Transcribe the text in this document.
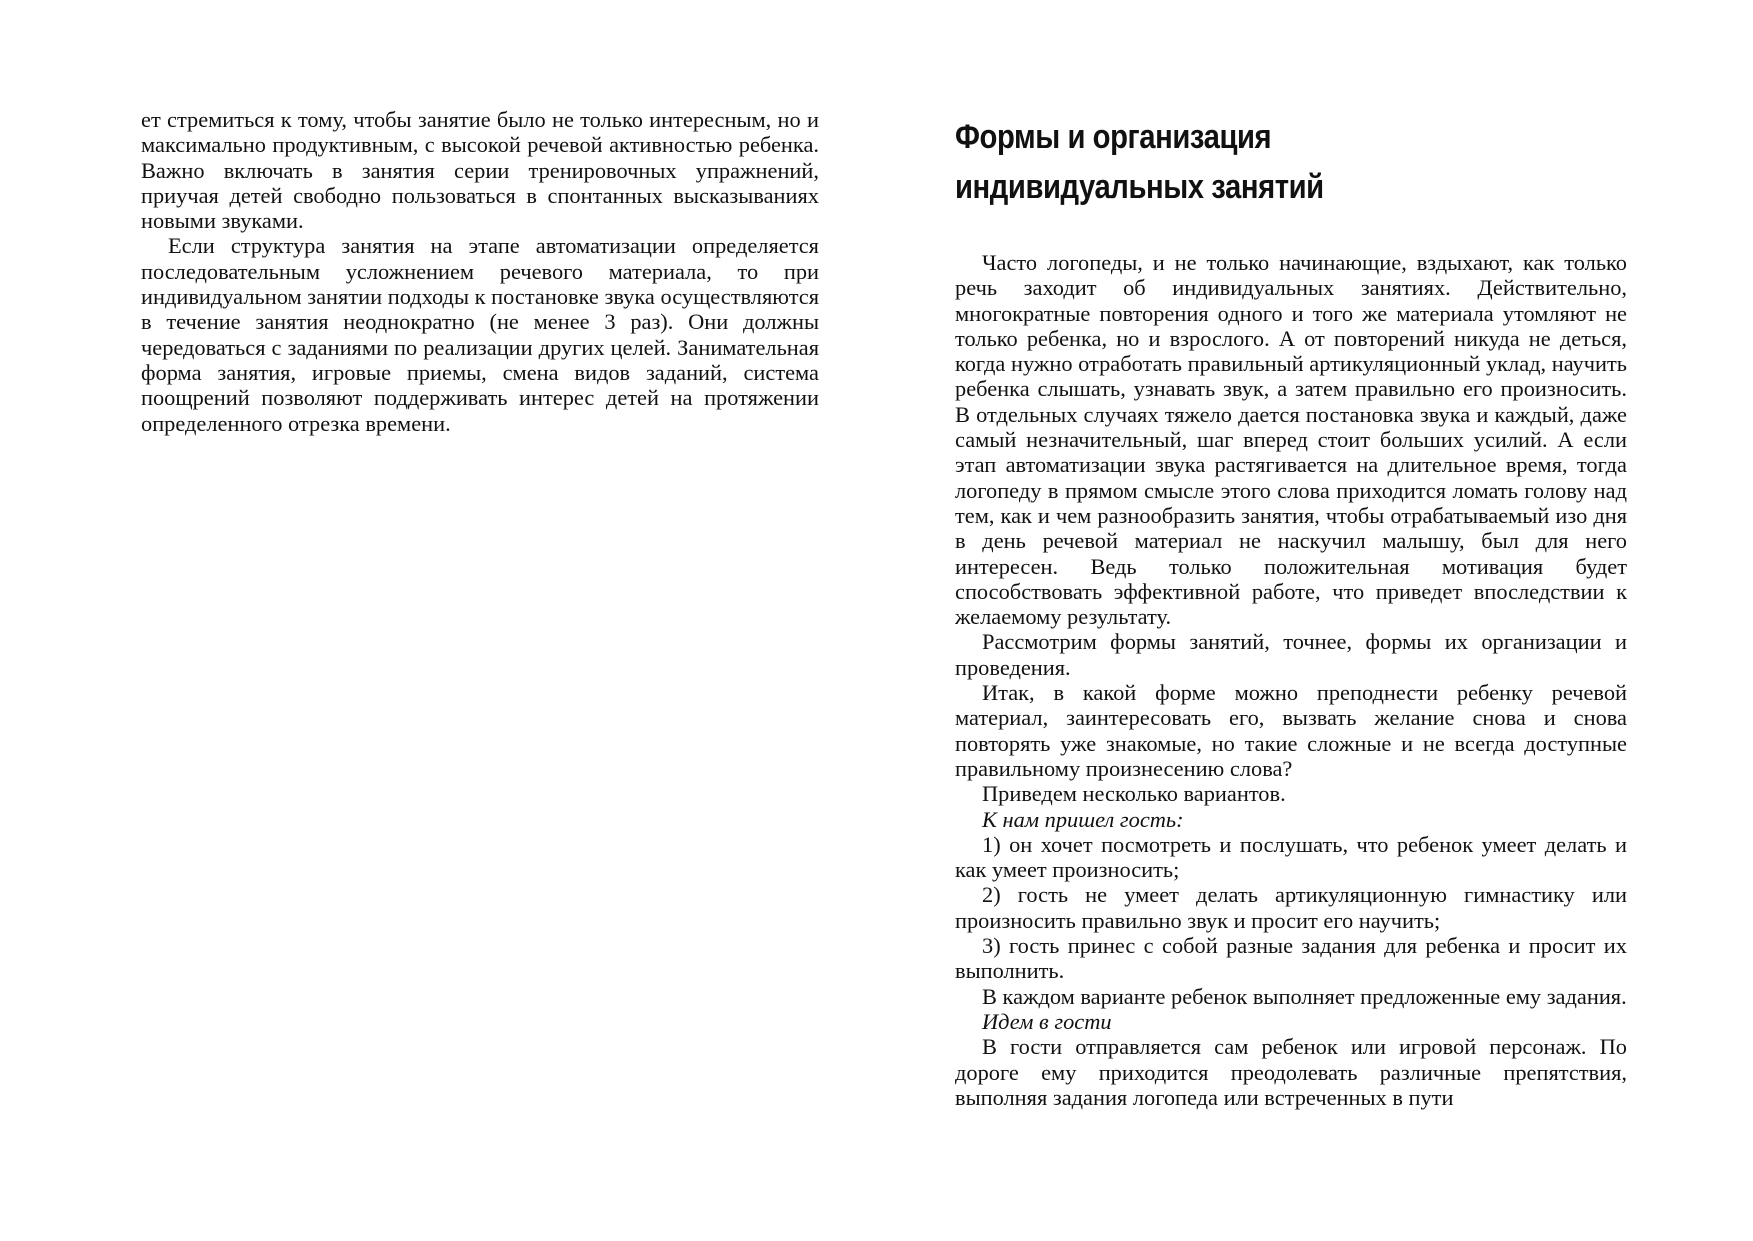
ет стремиться к тому, чтобы занятие было не только интересным, но и максимально продуктивным, с высокой речевой активностью ребенка. Важно включать в занятия серии тренировочных упражнений, приучая детей свободно пользоваться в спонтанных высказываниях новыми звуками.

Если структура занятия на этапе автоматизации определяется последовательным усложнением речевого материала, то при индивидуальном занятии подходы к постановке звука осуществляются в течение занятия неоднократно (не менее 3 раз). Они должны чередоваться с заданиями по реализации других целей. Занимательная форма занятия, игровые приемы, смена видов заданий, система поощрений позволяют поддерживать интерес детей на протяжении определенного отрезка времени.

Формы и организация
индивидуальных занятий

Часто логопеды, и не только начинающие, вздыхают, как только речь заходит об индивидуальных занятиях. Действительно, многократные повторения одного и того же материала утомляют не только ребенка, но и взрослого. А от повторений никуда не деться, когда нужно отработать правильный артикуляционный уклад, научить ребенка слышать, узнавать звук, а затем правильно его произносить. В отдельных случаях тяжело дается постановка звука и каждый, даже самый незначительный, шаг вперед стоит больших усилий. А если этап автоматизации звука растягивается на длительное время, тогда логопеду в прямом смысле этого слова приходится ломать голову над тем, как и чем разнообразить занятия, чтобы отрабатываемый изо дня в день речевой материал не наскучил малышу, был для него интересен. Ведь только положительная мотивация будет способствовать эффективной работе, что приведет впоследствии к желаемому результату.

Рассмотрим формы занятий, точнее, формы их организации и проведения.

Итак, в какой форме можно преподнести ребенку речевой материал, заинтересовать его, вызвать желание снова и снова повторять уже знакомые, но такие сложные и не всегда доступные правильному произнесению слова?

Приведем несколько вариантов.

К нам пришел гость:

1) он хочет посмотреть и послушать, что ребенок умеет делать и как умеет произносить;

2) гость не умеет делать артикуляционную гимнастику или произносить правильно звук и просит его научить;

3) гость принес с собой разные задания для ребенка и просит их выполнить.

В каждом варианте ребенок выполняет предложенные ему задания.

Идем в гости

В гости отправляется сам ребенок или игровой персонаж. По дороге ему приходится преодолевать различные препятствия, выполняя задания логопеда или встреченных в пути
